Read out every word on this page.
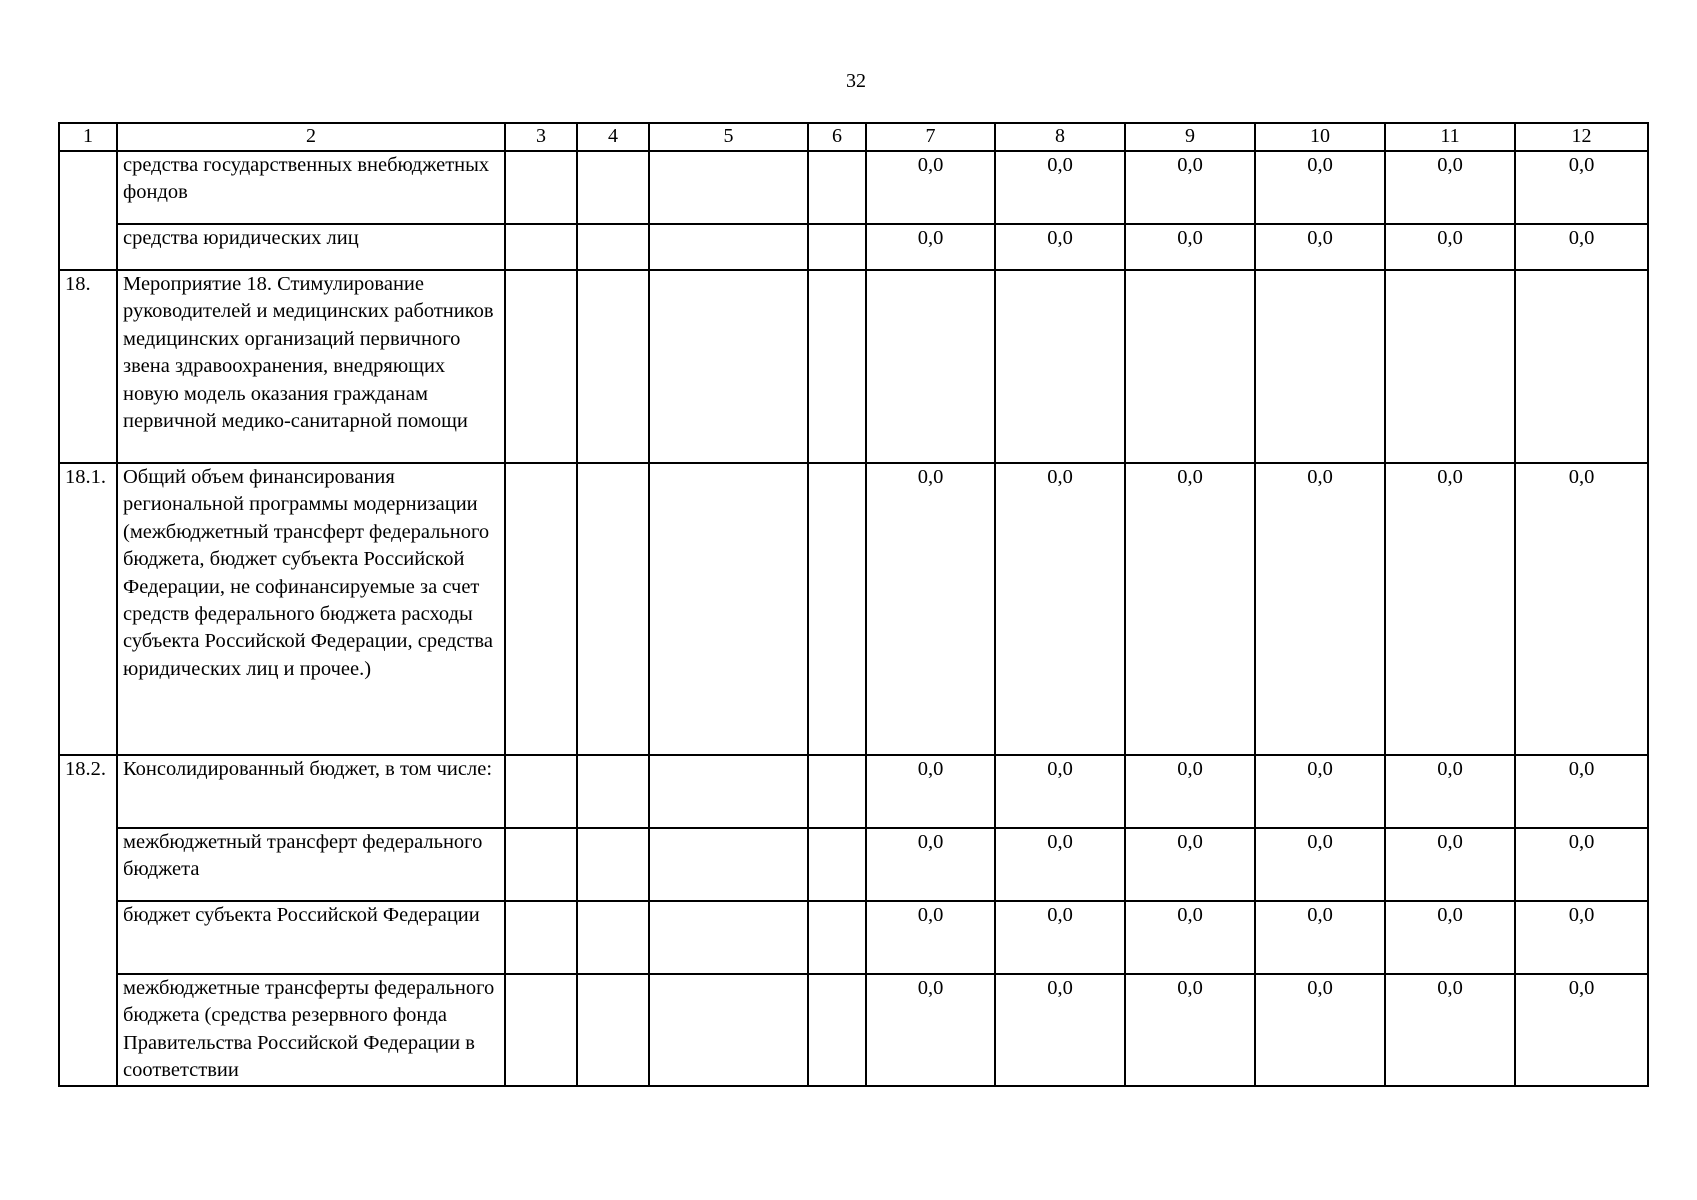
32
1	2	3	4	5	6	7	8	9	10	11	12
	средства государственных внебюджетных фондов					0,0	0,0	0,0	0,0	0,0	0,0
	средства юридических лиц					0,0	0,0	0,0	0,0	0,0	0,0
18.	Мероприятие 18. Стимулирование руководителей и медицинских работников медицинских организаций первичного звена здравоохранения, внедряющих новую модель оказания гражданам первичной медико-санитарной помощи										
18.1.	Общий объем финансирования региональной программы модернизации (межбюджетный трансферт федерального бюджета, бюджет субъекта Российской Федерации, не софинансируемые за счет средств федерального бюджета расходы субъекта Российской Федерации, средства юридических лиц и прочее.)					0,0	0,0	0,0	0,0	0,0	0,0
18.2.	Консолидированный бюджет, в том числе:					0,0	0,0	0,0	0,0	0,0	0,0
	межбюджетный трансферт федерального бюджета					0,0	0,0	0,0	0,0	0,0	0,0
	бюджет субъекта Российской Федерации					0,0	0,0	0,0	0,0	0,0	0,0
	межбюджетные трансферты федерального бюджета (средства резервного фонда Правительства Российской Федерации в соответствии					0,0	0,0	0,0	0,0	0,0	0,0
